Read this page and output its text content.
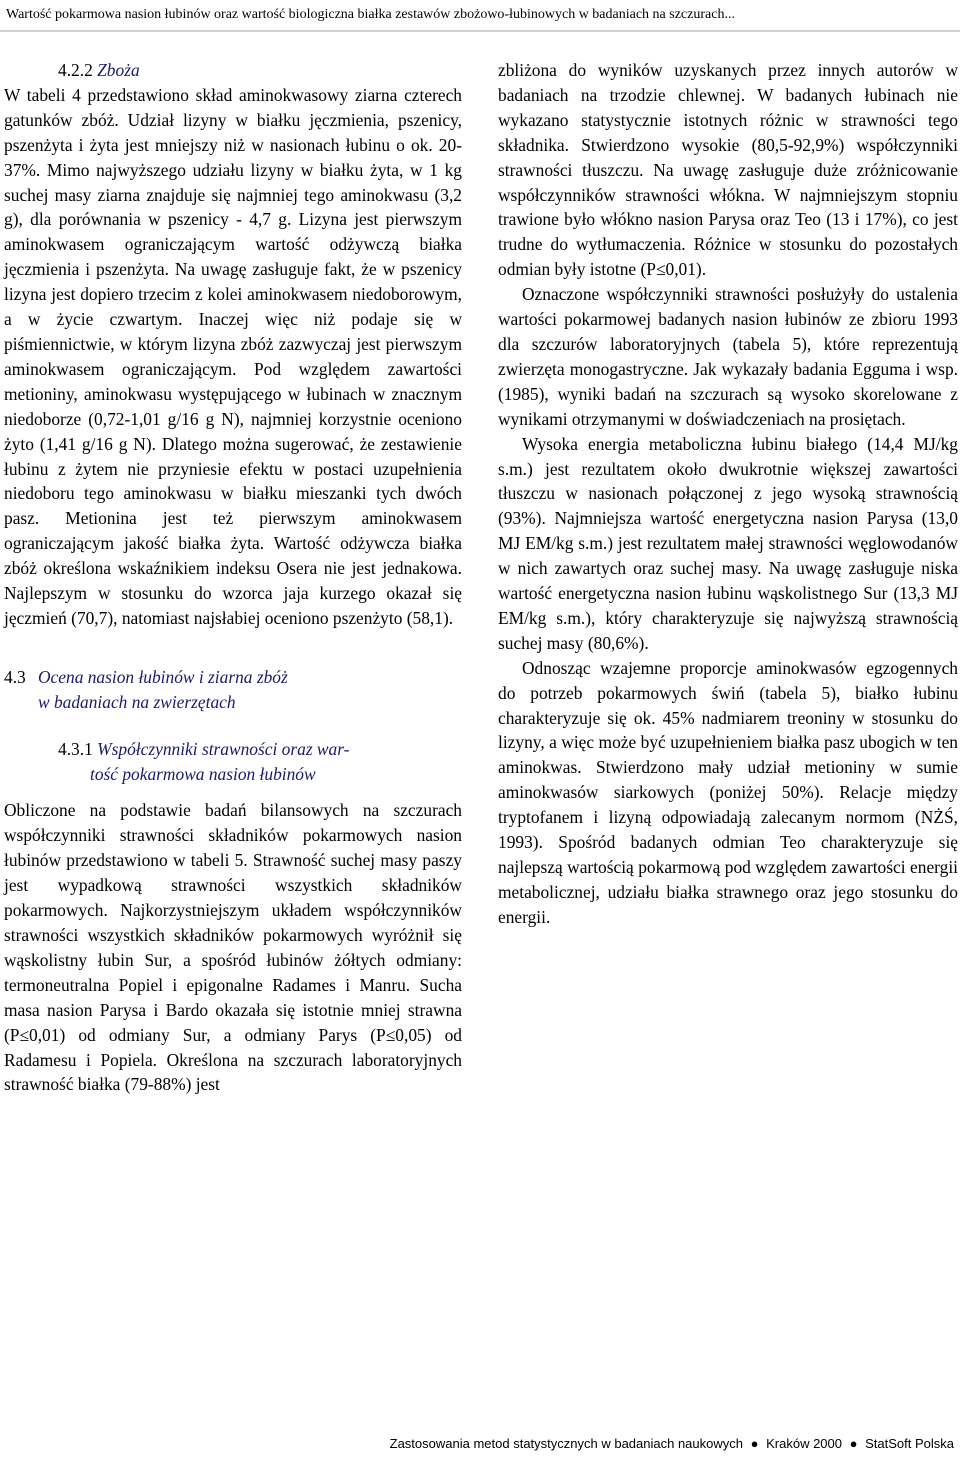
Wartość pokarmowa nasion łubinów oraz wartość biologiczna białka zestawów zbożowo-łubinowych w badaniach na szczurach...
4.2.2 Zboża

W tabeli 4 przedstawiono skład aminokwasowy ziarna czterech gatunków zbóż. Udział lizyny w białku jęczmienia, pszenicy, pszenżyta i żyta jest mniejszy niż w nasionach łubinu o ok. 20-37%. Mimo najwyższego udziału lizyny w białku żyta, w 1 kg suchej masy ziarna znajduje się najmniej tego aminokwasu (3,2 g), dla porównania w pszenicy - 4,7 g. Lizyna jest pierwszym aminokwasem ograniczającym wartość odżywczą białka jęczmienia i pszenżyta. Na uwagę zasługuje fakt, że w pszenicy lizyna jest dopiero trzecim z kolei aminokwasem niedoborowym, a w życie czwartym. Inaczej więc niż podaje się w piśmiennictwie, w którym lizyna zbóż zazwyczaj jest pierwszym aminokwasem ograniczającym. Pod względem zawartości metioniny, aminokwasu występującego w łubinach w znacznym niedoborze (0,72-1,01 g/16 g N), najmniej korzystnie oceniono żyto (1,41 g/16 g N). Dlatego można sugerować, że zestawienie łubinu z żytem nie przyniesie efektu w postaci uzupełnienia niedoboru tego aminokwasu w białku mieszanki tych dwóch pasz. Metionina jest też pierwszym aminokwasem ograniczającym jakość białka żyta. Wartość odżywcza białka zbóż określona wskaźnikiem indeksu Osera nie jest jednakowa. Najlepszym w stosunku do wzorca jaja kurzego okazał się jęczmień (70,7), natomiast najsłabiej oceniono pszenżyto (58,1).

4.3 Ocena nasion łubinów i ziarna zbóż
w badaniach na zwierzętach
4.3.1 Współczynniki strawności oraz war-
tość pokarmowa nasion łubinów

Obliczone na podstawie badań bilansowych na szczurach współczynniki strawności składników pokarmowych nasion łubinów przedstawiono w tabeli 5. Strawność suchej masy paszy jest wypadkową strawności wszystkich składników pokarmowych. Najkorzystniejszym układem współczynników strawności wszystkich składników pokarmowych wyróżnił się wąskolistny łubin Sur, a spośród łubinów żółtych odmiany: termoneutralna Popiel i epigonalne Radames i Manru. Sucha masa nasion Parysa i Bardo okazała się istotnie mniej strawna (P≤0,01) od odmiany Sur, a odmiany Parys (P≤0,05) od Radamesu i Popiela. Określona na szczurach laboratoryjnych strawność białka (79-88%) jest

zbliżona do wyników uzyskanych przez innych autorów w badaniach na trzodzie chlewnej. W badanych łubinach nie wykazano statystycznie istotnych różnic w strawności tego składnika. Stwierdzono wysokie (80,5-92,9%) współczynniki strawności tłuszczu. Na uwagę zasługuje duże zróżnicowanie współczynników strawności włókna. W najmniejszym stopniu trawione było włókno nasion Parysa oraz Teo (13 i 17%), co jest trudne do wytłumaczenia. Różnice w stosunku do pozostałych odmian były istotne (P≤0,01).

Oznaczone współczynniki strawności posłużyły do ustalenia wartości pokarmowej badanych nasion łubinów ze zbioru 1993 dla szczurów laboratoryjnych (tabela 5), które reprezentują zwierzęta monogastryczne. Jak wykazały badania Egguma i wsp. (1985), wyniki badań na szczurach są wysoko skorelowane z wynikami otrzymanymi w doświadczeniach na prosiętach.

Wysoka energia metaboliczna łubinu białego (14,4 MJ/kg s.m.) jest rezultatem około dwukrotnie większej zawartości tłuszczu w nasionach połączonej z jego wysoką strawnością (93%). Najmniejsza wartość energetyczna nasion Parysa (13,0 MJ EM/kg s.m.) jest rezultatem małej strawności węglowodanów w nich zawartych oraz suchej masy. Na uwagę zasługuje niska wartość energetyczna nasion łubinu wąskolistnego Sur (13,3 MJ EM/kg s.m.), który charakteryzuje się najwyższą strawnością suchej masy (80,6%).

Odnosząc wzajemne proporcje aminokwasów egzogennych do potrzeb pokarmowych świń (tabela 5), białko łubinu charakteryzuje się ok. 45% nadmiarem treoniny w stosunku do lizyny, a więc może być uzupełnieniem białka pasz ubogich w ten aminokwas. Stwierdzono mały udział metioniny w sumie aminokwasów siarkowych (poniżej 50%). Relacje między tryptofanem i lizyną odpowiadają zalecanym normom (NŻŚ, 1993). Spośród badanych odmian Teo charakteryzuje się najlepszą wartością pokarmową pod względem zawartości energii metabolicznej, udziału białka strawnego oraz jego stosunku do energii.

Zastosowania metod statystycznych w badaniach naukowych ● Kraków 2000 ● StatSoft Polska
